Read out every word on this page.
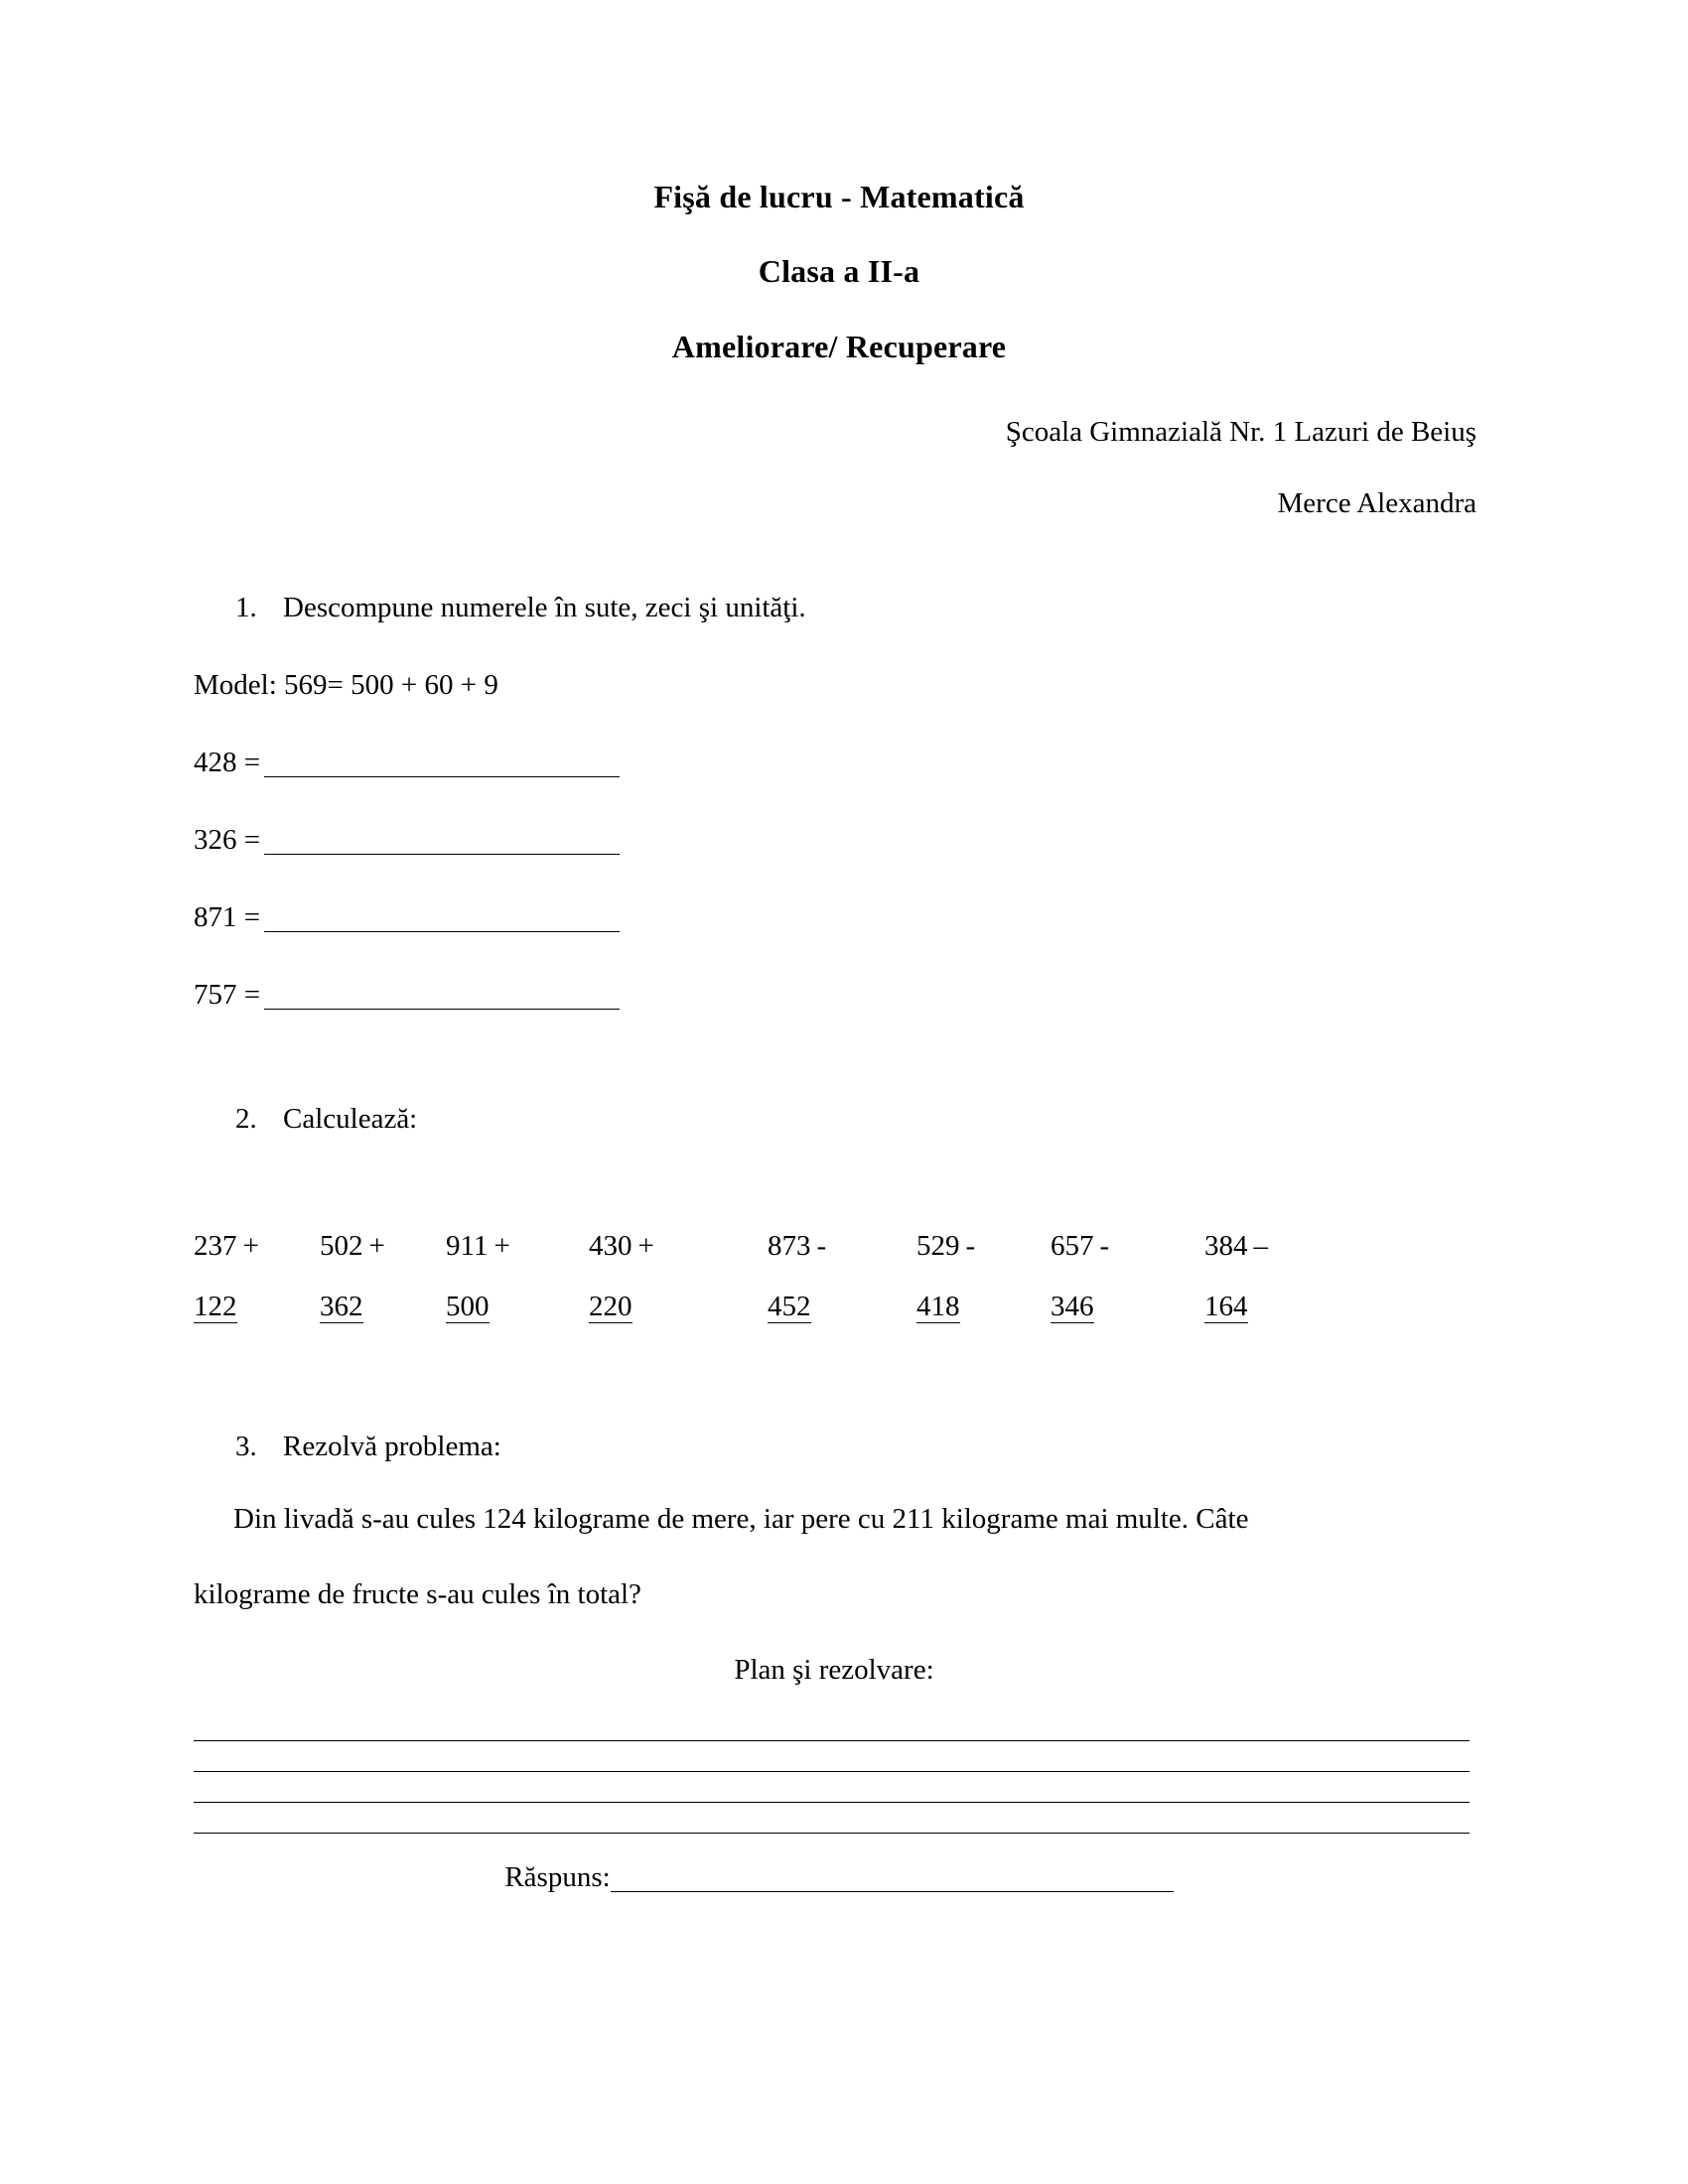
Fişă de lucru - Matematică
Clasa a II-a
Ameliorare/ Recuperare
Şcoala Gimnazială Nr. 1 Lazuri de Beiuş
Merce Alexandra
1. Descompune numerele în sute, zeci şi unităţi.
Model: 569= 500 + 60 + 9
428 =
326 =
871 =
757 =
2. Calculează:
237 +	502 +	911 +	430 +	873 -	529 -	657 -	384 –
122	362	500	220	452	418	346	164
3. Rezolvă problema:
Din livadă s-au cules 124 kilograme de mere, iar pere cu 211 kilograme mai multe. Câte
kilograme de fructe s-au cules în total?
Plan şi rezolvare:
Răspuns:
